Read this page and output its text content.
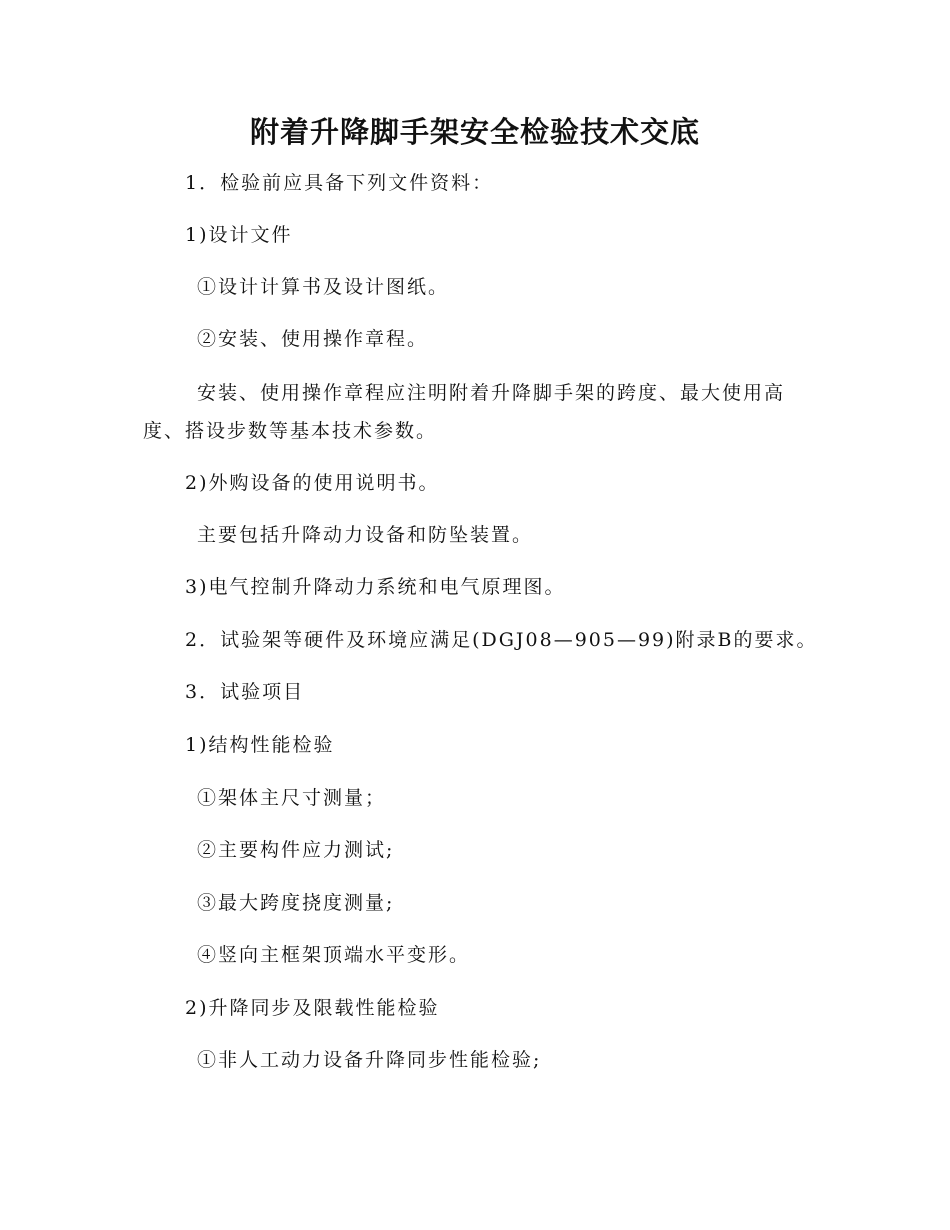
附着升降脚手架安全检验技术交底

1．检验前应具备下列文件资料：

1)设计文件

①设计计算书及设计图纸。

②安装、使用操作章程。

安装、使用操作章程应注明附着升降脚手架的跨度、最大使用高

度、搭设步数等基本技术参数。

2)外购设备的使用说明书。

主要包括升降动力设备和防坠装置。

3)电气控制升降动力系统和电气原理图。

2．试验架等硬件及环境应满足(DGJ08—905—99)附录B的要求。

3．试验项目

1)结构性能检验

①架体主尺寸测量；

②主要构件应力测试;

③最大跨度挠度测量;

④竖向主框架顶端水平变形。

2)升降同步及限载性能检验

①非人工动力设备升降同步性能检验;
